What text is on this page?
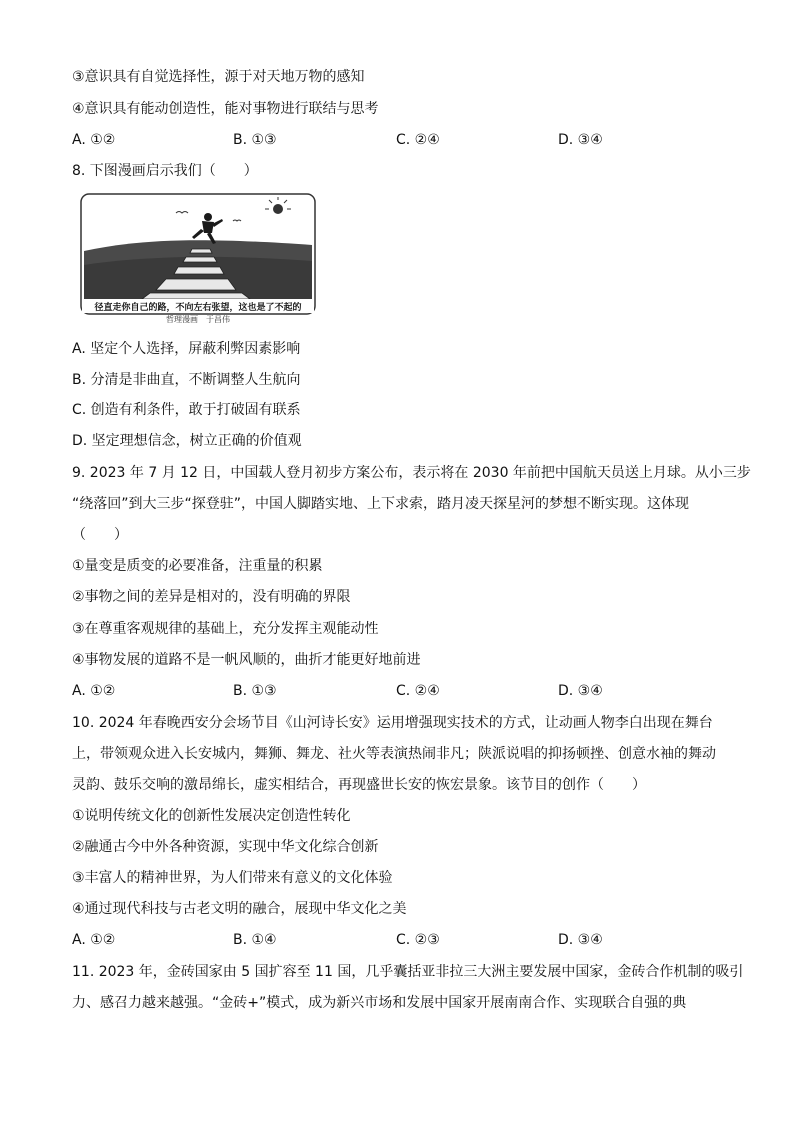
③意识具有自觉选择性，源于对天地万物的感知
④意识具有能动创造性，能对事物进行联结与思考
A. ①②	B. ①③	C. ②④	D. ③④
8. 下图漫画启示我们（　　）
径直走你自己的路，不向左右张望，这也是了不起的
哲理漫画　于昌伟
A. 坚定个人选择，屏蔽利弊因素影响
B. 分清是非曲直，不断调整人生航向
C. 创造有利条件，敢于打破固有联系
D. 坚定理想信念，树立正确的价值观
9. 2023 年 7 月 12 日，中国载人登月初步方案公布，表示将在 2030 年前把中国航天员送上月球。从小三步
“绕落回”到大三步“探登驻”，中国人脚踏实地、上下求索，踏月凌天探星河的梦想不断实现。这体现
（　　）
①量变是质变的必要准备，注重量的积累
②事物之间的差异是相对的，没有明确的界限
③在尊重客观规律的基础上，充分发挥主观能动性
④事物发展的道路不是一帆风顺的，曲折才能更好地前进
A. ①②	B. ①③	C. ②④	D. ③④
10. 2024 年春晚西安分会场节目《山河诗长安》运用增强现实技术的方式，让动画人物李白出现在舞台
上，带领观众进入长安城内，舞狮、舞龙、社火等表演热闹非凡；陕派说唱的抑扬顿挫、创意水袖的舞动
灵韵、鼓乐交响的激昂绵长，虚实相结合，再现盛世长安的恢宏景象。该节目的创作（　　）
①说明传统文化的创新性发展决定创造性转化
②融通古今中外各种资源，实现中华文化综合创新
③丰富人的精神世界，为人们带来有意义的文化体验
④通过现代科技与古老文明的融合，展现中华文化之美
A. ①②	B. ①④	C. ②③	D. ③④
11. 2023 年，金砖国家由 5 国扩容至 11 国，几乎囊括亚非拉三大洲主要发展中国家，金砖合作机制的吸引
力、感召力越来越强。“金砖+”模式，成为新兴市场和发展中国家开展南南合作、实现联合自强的典
